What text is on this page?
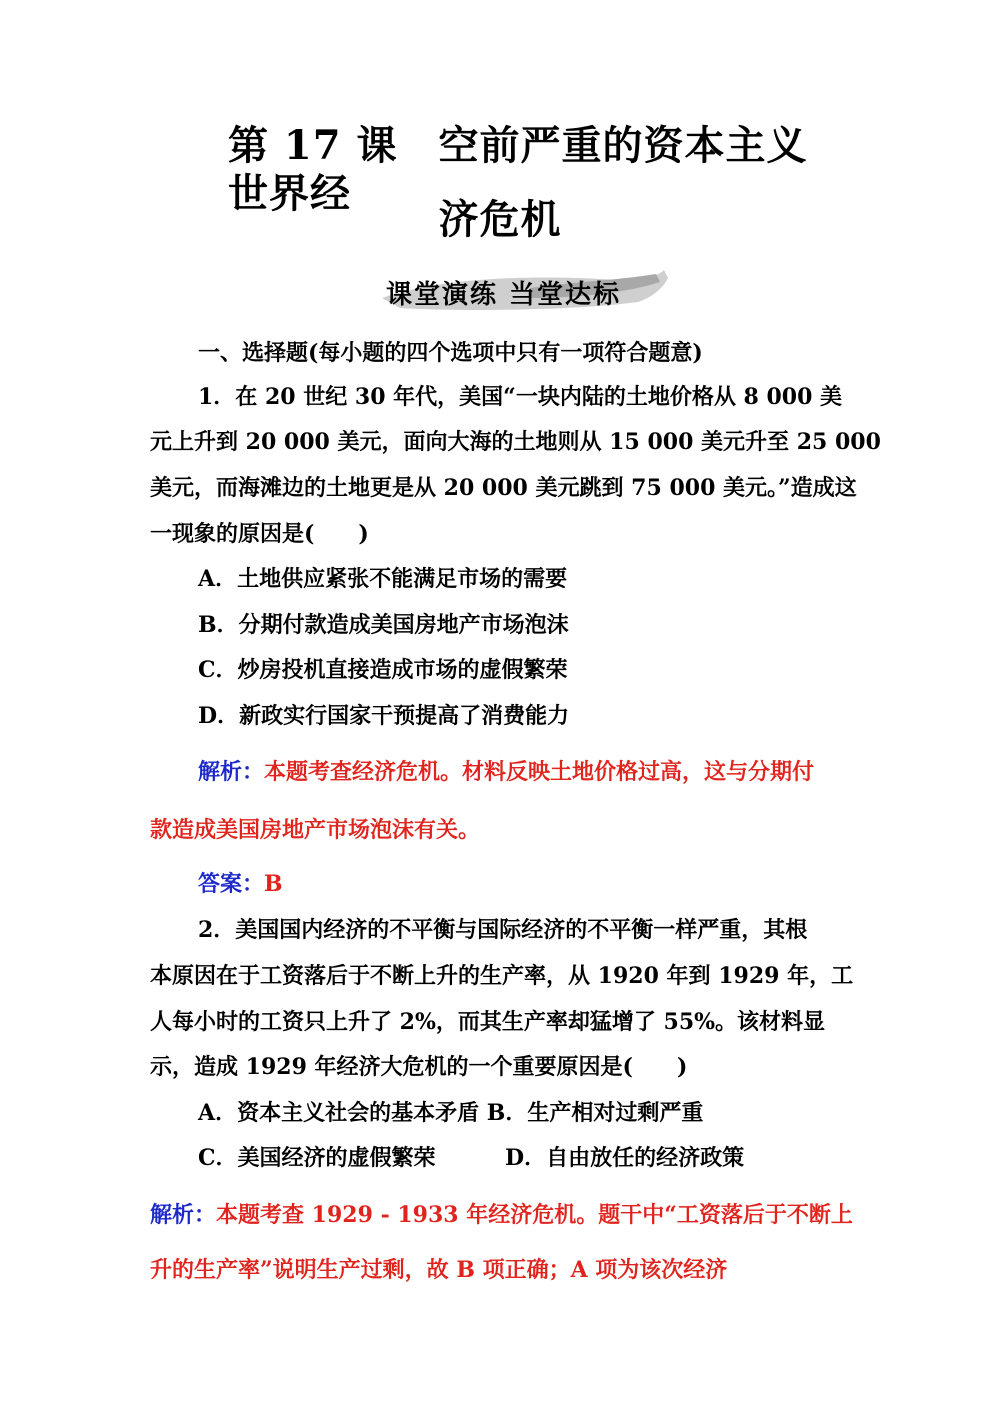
第 17 课　空前严重的资本主义世界经
济危机
课堂演练 当堂达标
一、选择题(每小题的四个选项中只有一项符合题意)
1．在 20 世纪 30 年代，美国“一块内陆的土地价格从 8 000 美
元上升到 20 000 美元，面向大海的土地则从 15 000 美元升至 25 000
美元，而海滩边的土地更是从 20 000 美元跳到 75 000 美元。”造成这
一现象的原因是(　　)
A．土地供应紧张不能满足市场的需要
B．分期付款造成美国房地产市场泡沫
C．炒房投机直接造成市场的虚假繁荣
D．新政实行国家干预提高了消费能力
解析：本题考查经济危机。材料反映土地价格过高，这与分期付
款造成美国房地产市场泡沫有关。
答案：B
2．美国国内经济的不平衡与国际经济的不平衡一样严重，其根
本原因在于工资落后于不断上升的生产率，从 1920 年到 1929 年，工
人每小时的工资只上升了 2%，而其生产率却猛增了 55%。该材料显
示，造成 1929 年经济大危机的一个重要原因是(　　)
A．资本主义社会的基本矛盾 B．生产相对过剩严重
C．美国经济的虚假繁荣	D．自由放任的经济政策
解析：本题考查 1929 - 1933 年经济危机。题干中“工资落后于不断上
升的生产率”说明生产过剩，故 B 项正确；A 项为该次经济
